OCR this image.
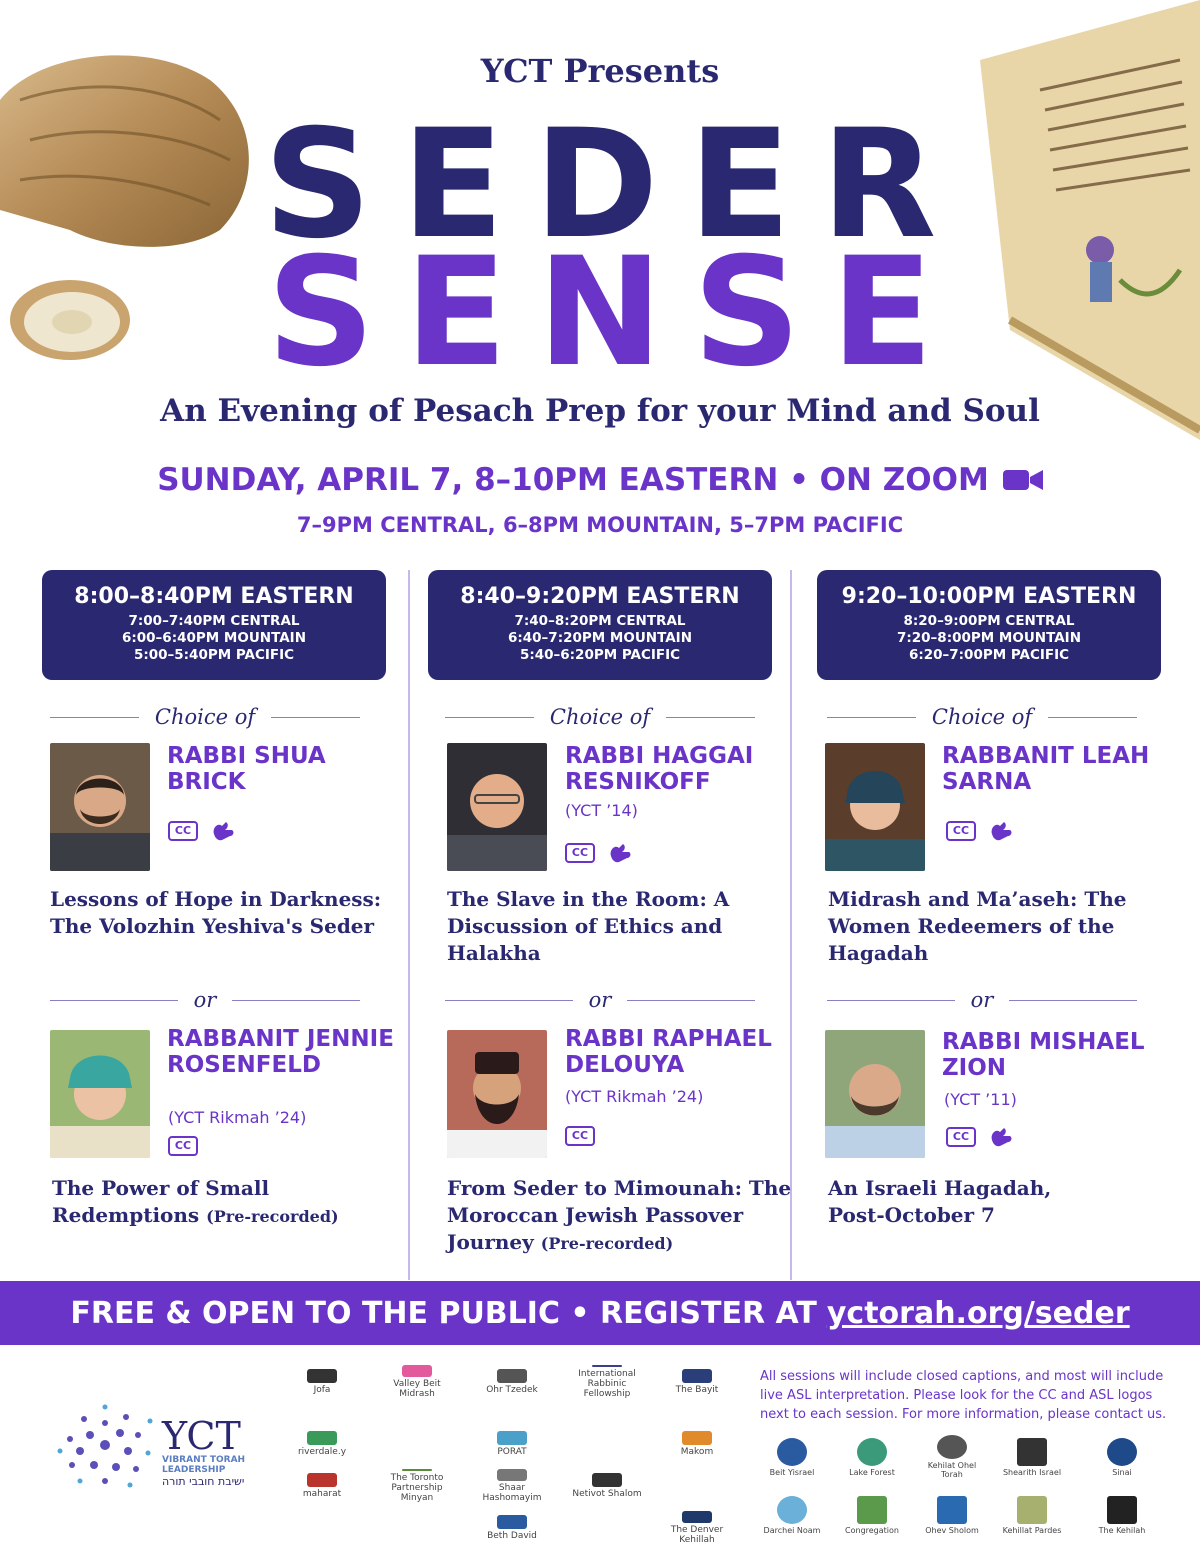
YCT Presents
SEDER
SENSE
An Evening of Pesach Prep for your Mind and Soul
SUNDAY, APRIL 7, 8–10PM EASTERN • ON ZOOM
7–9PM CENTRAL, 6–8PM MOUNTAIN, 5–7PM PACIFIC
8:00–8:40PM EASTERN
7:00–7:40PM CENTRAL
6:00–6:40PM MOUNTAIN
5:00–5:40PM PACIFIC
Choice of
RABBI SHUA BRICK
CC
Lessons of Hope in Darkness: The Volozhin Yeshiva's Seder
or
RABBANIT JENNIE ROSENFELD
(YCT Rikmah ’24)
CC
The Power of Small Redemptions (Pre-recorded)
8:40–9:20PM EASTERN
7:40–8:20PM CENTRAL
6:40–7:20PM MOUNTAIN
5:40–6:20PM PACIFIC
Choice of
RABBI HAGGAI RESNIKOFF
(YCT ’14)
CC
The Slave in the Room: A Discussion of Ethics and Halakha
or
RABBI RAPHAEL DELOUYA
(YCT Rikmah ’24)
CC
From Seder to Mimounah: The Moroccan Jewish Passover Journey (Pre-recorded)
9:20–10:00PM EASTERN
8:20–9:00PM CENTRAL
7:20–8:00PM MOUNTAIN
6:20–7:00PM PACIFIC
Choice of
RABBANIT LEAH SARNA
CC
Midrash and Ma’aseh: The Women Redeemers of the Hagadah
or
RABBI MISHAEL ZION
(YCT ’11)
CC
An Israeli Hagadah, Post-October 7
FREE & OPEN TO THE PUBLIC • REGISTER AT yctorah.org/seder
YCT
VIBRANT TORAH
LEADERSHIP
ישיבת חובבי תורה
Jofa
Valley Beit Midrash	Ohr Tzedek
International Rabbinic Fellowship	The Bayit
riverdale.y
maharat
Shaar Hashomayim
Makom
Netivot Shalom
The Toronto Partnership Minyan
PORAT
Beth David
The Denver Kehillah
All sessions will include closed captions, and most will include live ASL interpretation. Please look for the CC and ASL logos next to each session. For more information, please contact us.
Beit Yisrael	Lake Forest
Kehilat Ohel Torah	Shearith Israel	Sinai
Darchei Noam	Congregation	Ohev Sholom	Kehillat Pardes	The Kehilah
